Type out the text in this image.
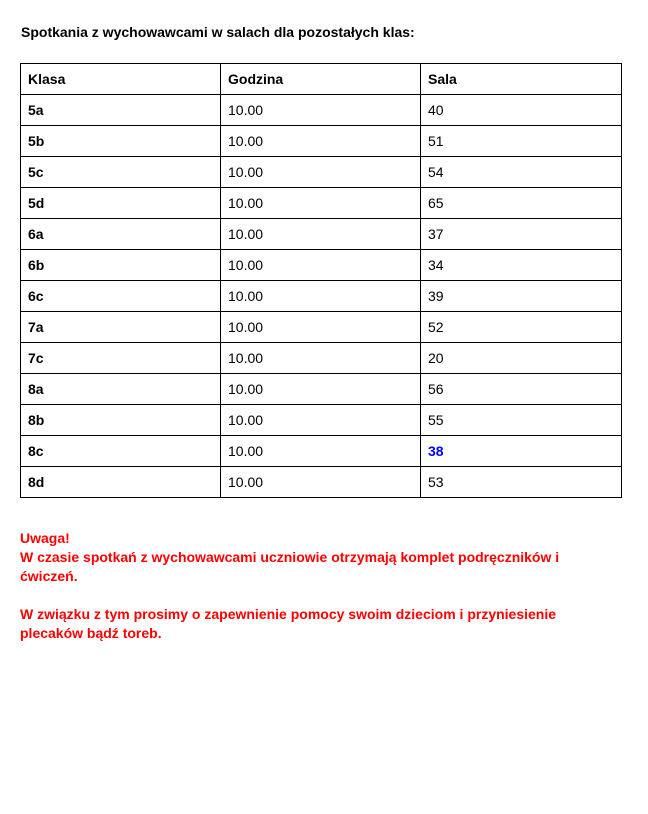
Spotkania z wychowawcami w salach dla pozostałych klas:
Klasa	Godzina	Sala
5a	10.00	40
5b	10.00	51
5c	10.00	54
5d	10.00	65
6a	10.00	37
6b	10.00	34
6c	10.00	39
7a	10.00	52
7c	10.00	20
8a	10.00	56
8b	10.00	55
8c	10.00	38
8d	10.00	53

Uwaga!

W czasie spotkań z wychowawcami uczniowie otrzymają komplet podręczników i ćwiczeń.

W związku z tym prosimy o zapewnienie pomocy swoim dzieciom i przyniesienie plecaków bądź toreb.
